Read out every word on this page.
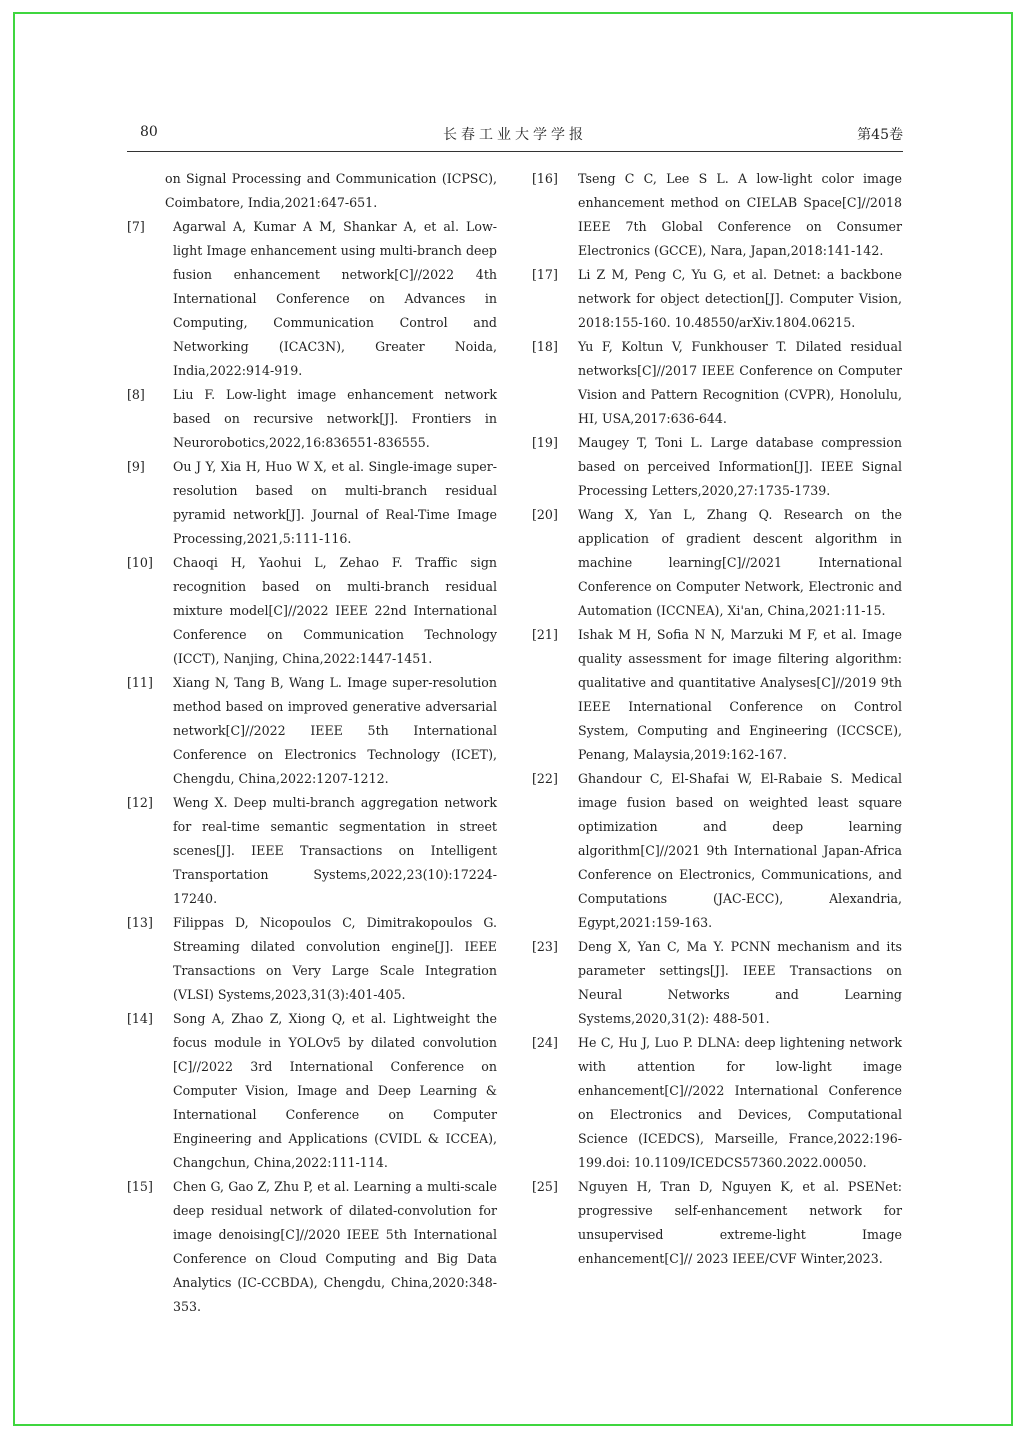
80	长春工业大学学报	第45卷
on Signal Processing and Communication (ICPSC), Coimbatore, India,2021:647-651.
[7] Agarwal A, Kumar A M, Shankar A, et al. Low-light Image enhancement using multi-branch deep fusion enhancement network[C]//2022 4th International Conference on Advances in Computing, Communication Control and Networking (ICAC3N), Greater Noida, India,2022:914-919.
[8] Liu F. Low-light image enhancement network based on recursive network[J]. Frontiers in Neurorobotics,2022,16:836551-836555.
[9] Ou J Y, Xia H, Huo W X, et al. Single-image super-resolution based on multi-branch residual pyramid network[J]. Journal of Real-Time Image Processing,2021,5:111-116.
[10] Chaoqi H, Yaohui L, Zehao F. Traffic sign recognition based on multi-branch residual mixture model[C]//2022 IEEE 22nd International Conference on Communication Technology (ICCT), Nanjing, China,2022:1447-1451.
[11] Xiang N, Tang B, Wang L. Image super-resolution method based on improved generative adversarial network[C]//2022 IEEE 5th International Conference on Electronics Technology (ICET), Chengdu, China,2022:1207-1212.
[12] Weng X. Deep multi-branch aggregation network for real-time semantic segmentation in street scenes[J]. IEEE Transactions on Intelligent Transportation Systems,2022,23(10):17224-17240.
[13] Filippas D, Nicopoulos C, Dimitrakopoulos G. Streaming dilated convolution engine[J]. IEEE Transactions on Very Large Scale Integration (VLSI) Systems,2023,31(3):401-405.
[14] Song A, Zhao Z, Xiong Q, et al. Lightweight the focus module in YOLOv5 by dilated convolution [C]//2022 3rd International Conference on Computer Vision, Image and Deep Learning & International Conference on Computer Engineering and Applications (CVIDL & ICCEA), Changchun, China,2022:111-114.
[15] Chen G, Gao Z, Zhu P, et al. Learning a multi-scale deep residual network of dilated-convolution for image denoising[C]//2020 IEEE 5th International Conference on Cloud Computing and Big Data Analytics (IC-CCBDA), Chengdu, China,2020:348-353.
[16] Tseng C C, Lee S L. A low-light color image enhancement method on CIELAB Space[C]//2018 IEEE 7th Global Conference on Consumer Electronics (GCCE), Nara, Japan,2018:141-142.
[17] Li Z M, Peng C, Yu G, et al. Detnet: a backbone network for object detection[J]. Computer Vision, 2018:155-160. 10.48550/arXiv.1804.06215.
[18] Yu F, Koltun V, Funkhouser T. Dilated residual networks[C]//2017 IEEE Conference on Computer Vision and Pattern Recognition (CVPR), Honolulu, HI, USA,2017:636-644.
[19] Maugey T, Toni L. Large database compression based on perceived Information[J]. IEEE Signal Processing Letters,2020,27:1735-1739.
[20] Wang X, Yan L, Zhang Q. Research on the application of gradient descent algorithm in machine learning[C]//2021 International Conference on Computer Network, Electronic and Automation (ICCNEA), Xi'an, China,2021:11-15.
[21] Ishak M H, Sofia N N, Marzuki M F, et al. Image quality assessment for image filtering algorithm: qualitative and quantitative Analyses[C]//2019 9th IEEE International Conference on Control System, Computing and Engineering (ICCSCE), Penang, Malaysia,2019:162-167.
[22] Ghandour C, El-Shafai W, El-Rabaie S. Medical image fusion based on weighted least square optimization and deep learning algorithm[C]//2021 9th International Japan-Africa Conference on Electronics, Communications, and Computations (JAC-ECC), Alexandria, Egypt,2021:159-163.
[23] Deng X, Yan C, Ma Y. PCNN mechanism and its parameter settings[J]. IEEE Transactions on Neural Networks and Learning Systems,2020,31(2): 488-501.
[24] He C, Hu J, Luo P. DLNA: deep lightening network with attention for low-light image enhancement[C]//2022 International Conference on Electronics and Devices, Computational Science (ICEDCS), Marseille, France,2022:196-199.doi: 10.1109/ICEDCS57360.2022.00050.
[25] Nguyen H, Tran D, Nguyen K, et al. PSENet: progressive self-enhancement network for unsupervised extreme-light Image enhancement[C]// 2023 IEEE/CVF Winter,2023.
